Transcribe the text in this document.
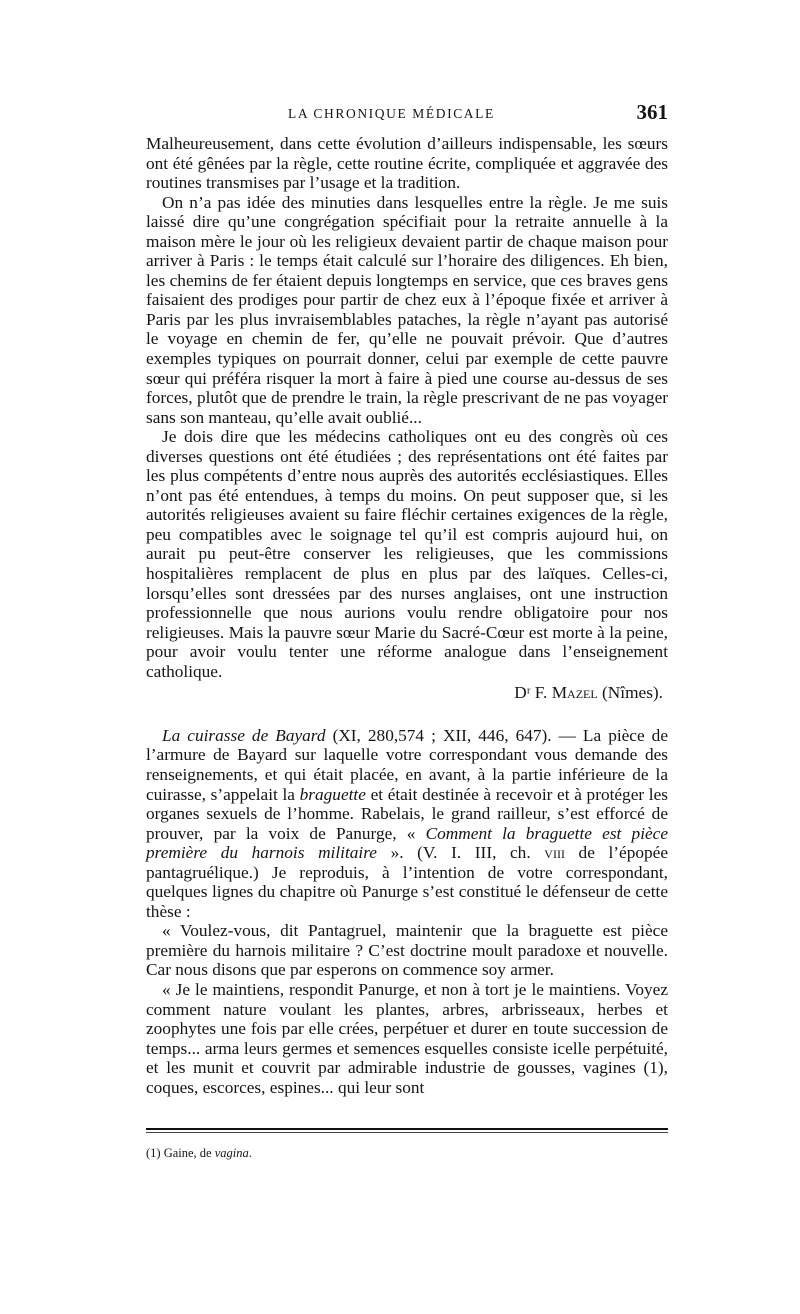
LA CHRONIQUE MÉDICALE	361

Malheureusement, dans cette évolution d’ailleurs indispensable, les sœurs ont été gênées par la règle, cette routine écrite, compliquée et aggravée des routines transmises par l’usage et la tradition.

On n’a pas idée des minuties dans lesquelles entre la règle. Je me suis laissé dire qu’une congrégation spécifiait pour la retraite annuelle à la maison mère le jour où les religieux devaient partir de chaque maison pour arriver à Paris : le temps était calculé sur l’horaire des diligences. Eh bien, les chemins de fer étaient depuis longtemps en service, que ces braves gens faisaient des prodiges pour partir de chez eux à l’époque fixée et arriver à Paris par les plus invraisemblables pataches, la règle n’ayant pas autorisé le voyage en chemin de fer, qu’elle ne pouvait prévoir. Que d’autres exemples typiques on pourrait donner, celui par exemple de cette pauvre sœur qui préféra risquer la mort à faire à pied une course au-dessus de ses forces, plutôt que de prendre le train, la règle prescrivant de ne pas voyager sans son manteau, qu’elle avait oublié...

Je dois dire que les médecins catholiques ont eu des congrès où ces diverses questions ont été étudiées ; des représentations ont été faites par les plus compétents d’entre nous auprès des autorités ecclésiastiques. Elles n’ont pas été entendues, à temps du moins. On peut supposer que, si les autorités religieuses avaient su faire fléchir certaines exigences de la règle, peu compatibles avec le soignage tel qu’il est compris aujourd hui, on aurait pu peut-être conserver les religieuses, que les commissions hospitalières remplacent de plus en plus par des laïques. Celles-ci, lorsqu’elles sont dressées par des nurses anglaises, ont une instruction professionnelle que nous aurions voulu rendre obligatoire pour nos religieuses. Mais la pauvre sœur Marie du Sacré-Cœur est morte à la peine, pour avoir voulu tenter une réforme analogue dans l’enseignement catholique.

Dʳ F. Mazel (Nîmes).

La cuirasse de Bayard (XI, 280,574 ; XII, 446, 647). — La pièce de l’armure de Bayard sur laquelle votre correspondant vous demande des renseignements, et qui était placée, en avant, à la partie inférieure de la cuirasse, s’appelait la braguette et était destinée à recevoir et à protéger les organes sexuels de l’homme. Rabelais, le grand railleur, s’est efforcé de prouver, par la voix de Panurge, « Comment la braguette est pièce première du harnois militaire ». (V. I. III, ch. viii de l’épopée pantagruélique.) Je reproduis, à l’intention de votre correspondant, quelques lignes du chapitre où Panurge s’est constitué le défenseur de cette thèse :

« Voulez-vous, dit Pantagruel, maintenir que la braguette est pièce première du harnois militaire ? C’est doctrine moult paradoxe et nouvelle. Car nous disons que par esperons on commence soy armer.

« Je le maintiens, respondit Panurge, et non à tort je le maintiens. Voyez comment nature voulant les plantes, arbres, arbrisseaux, herbes et zoophytes une fois par elle crées, perpétuer et durer en toute succession de temps... arma leurs germes et semences esquelles consiste icelle perpétuité, et les munit et couvrit par admirable industrie de gousses, vagines (1), coques, escorces, espines... qui leur sont

(1) Gaine, de vagina.
